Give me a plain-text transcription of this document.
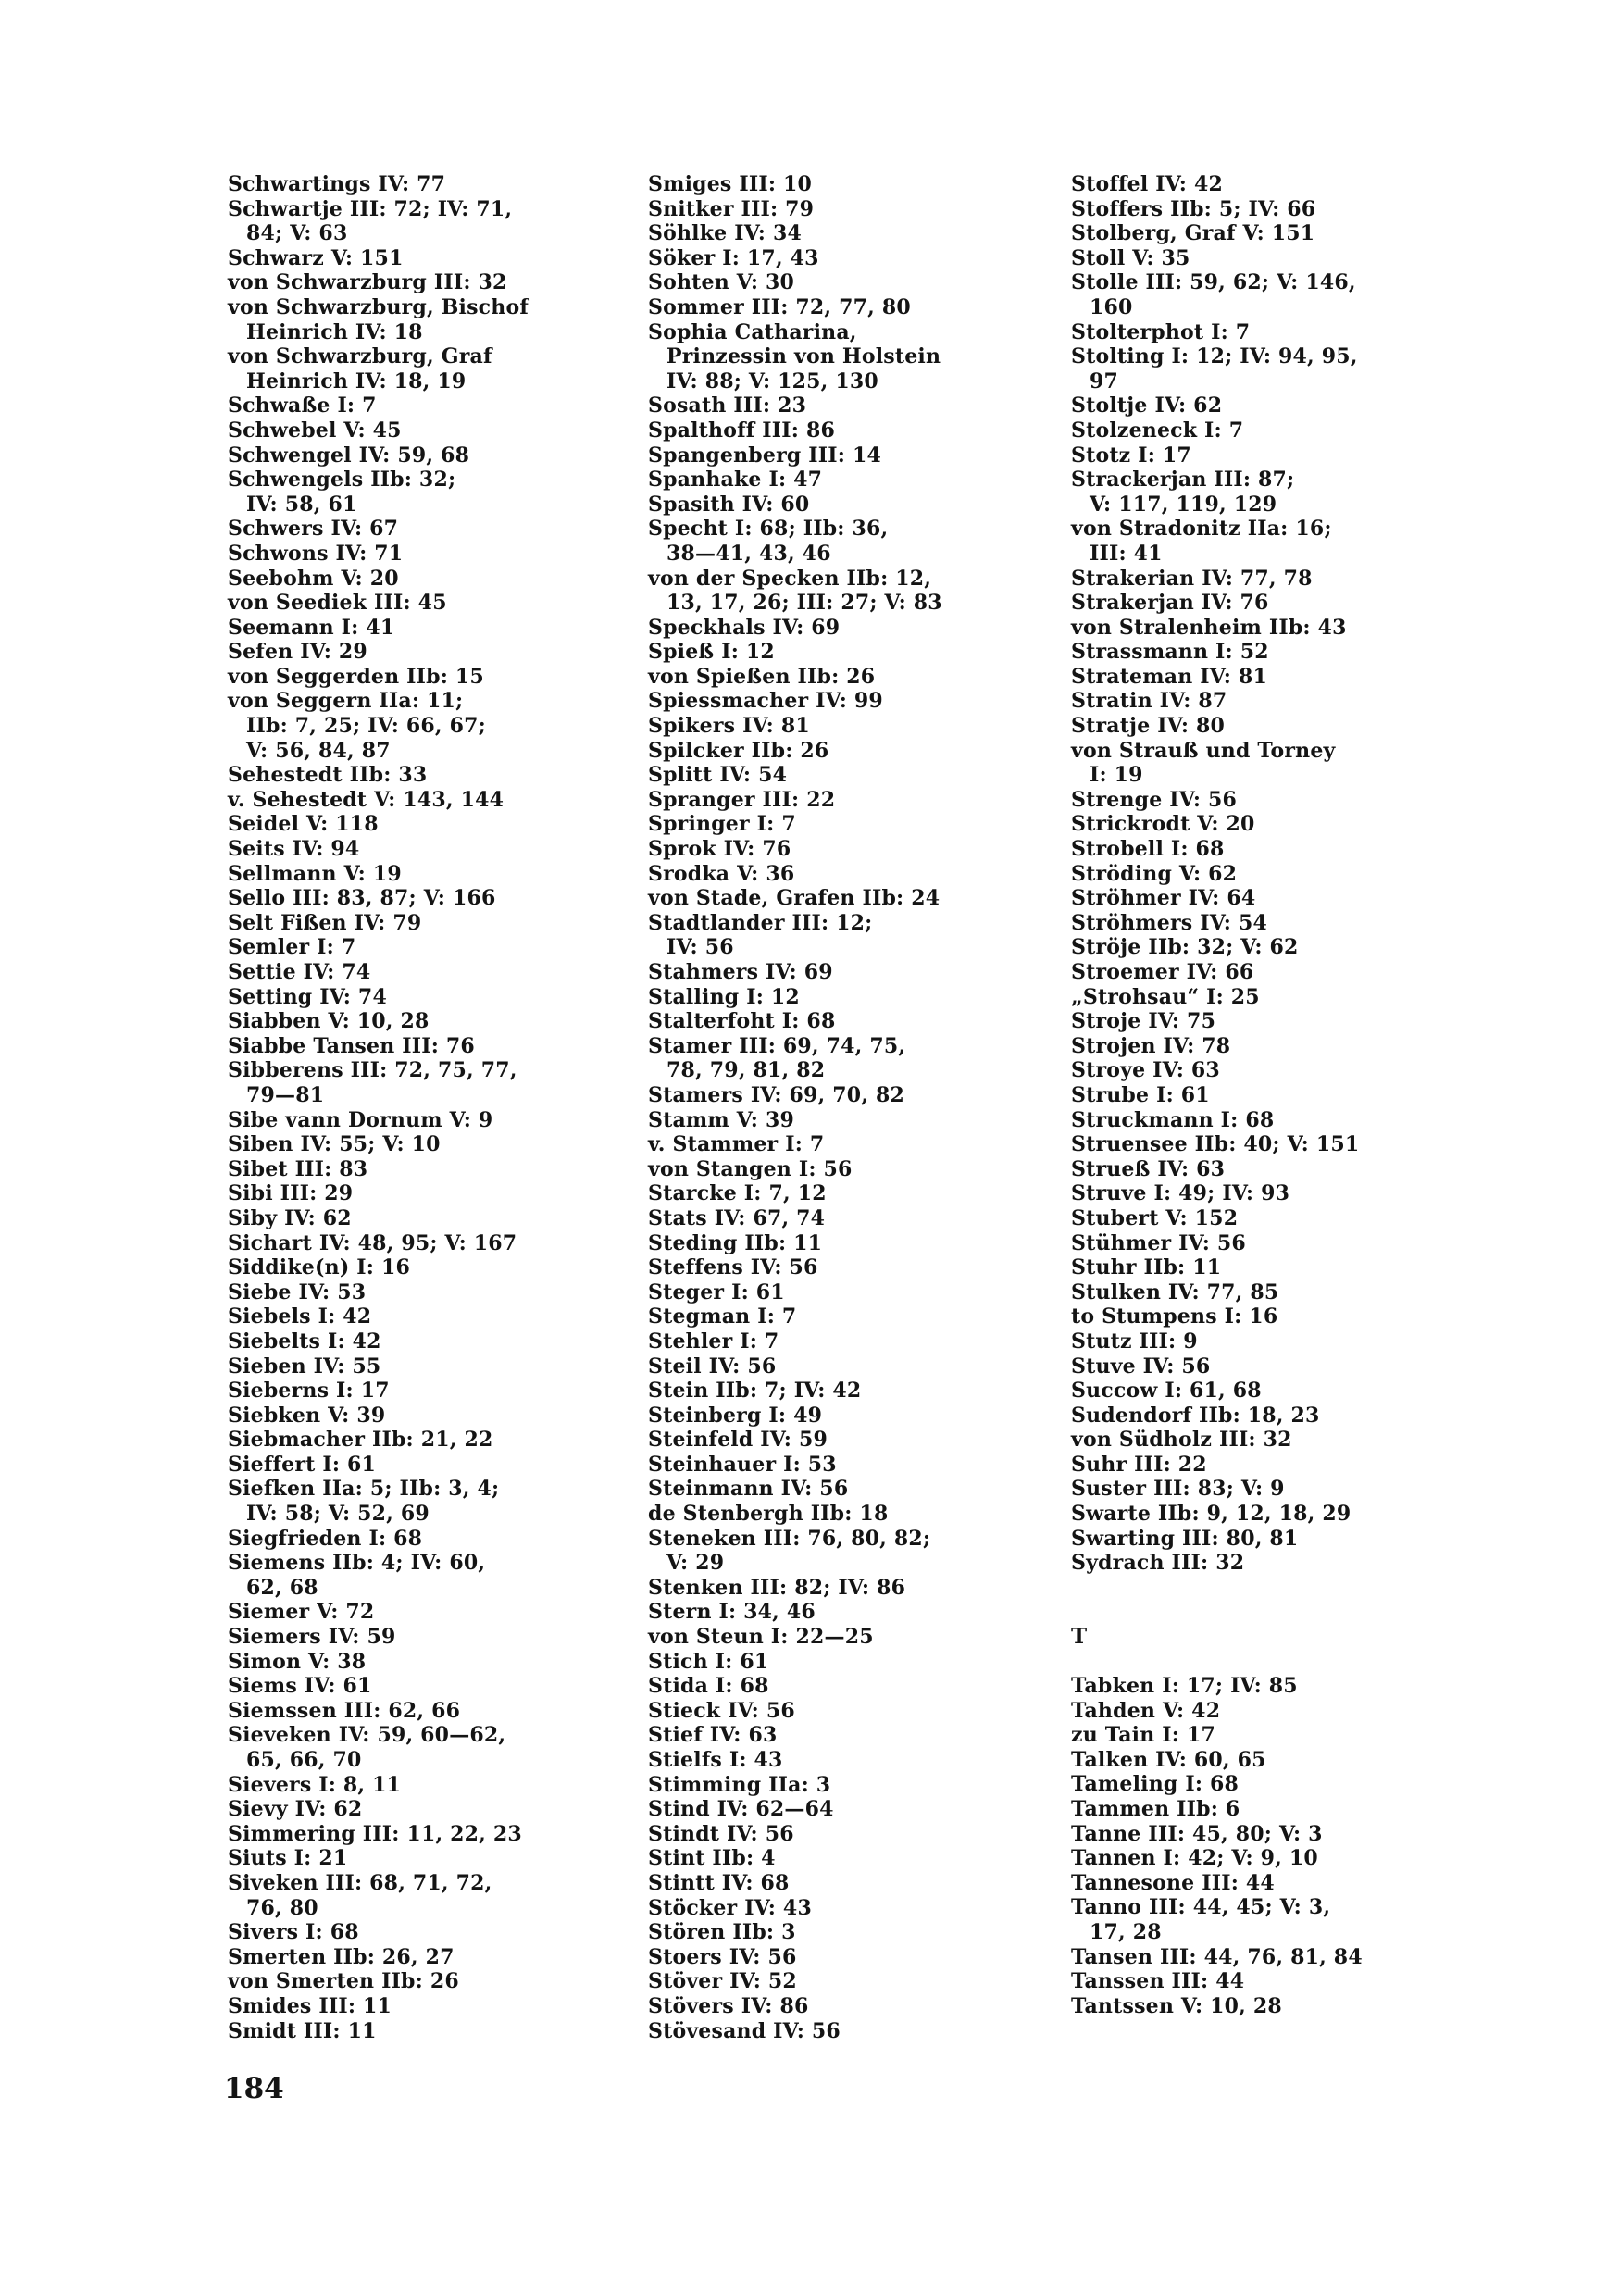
Schwartings IV: 77
Schwartje III: 72; IV: 71,
84; V: 63
Schwarz V: 151
von Schwarzburg III: 32
von Schwarzburg, Bischof
Heinrich IV: 18
von Schwarzburg, Graf
Heinrich IV: 18, 19
Schwaße I: 7
Schwebel V: 45
Schwengel IV: 59, 68
Schwengels IIb: 32;
IV: 58, 61
Schwers IV: 67
Schwons IV: 71
Seebohm V: 20
von Seediek III: 45
Seemann I: 41
Sefen IV: 29
von Seggerden IIb: 15
von Seggern IIa: 11;
IIb: 7, 25; IV: 66, 67;
V: 56, 84, 87
Sehestedt IIb: 33
v. Sehestedt V: 143, 144
Seidel V: 118
Seits IV: 94
Sellmann V: 19
Sello III: 83, 87; V: 166
Selt Fißen IV: 79
Semler I: 7
Settie IV: 74
Setting IV: 74
Siabben V: 10, 28
Siabbe Tansen III: 76
Sibberens III: 72, 75, 77,
79—81
Sibe vann Dornum V: 9
Siben IV: 55; V: 10
Sibet III: 83
Sibi III: 29
Siby IV: 62
Sichart IV: 48, 95; V: 167
Siddike(n) I: 16
Siebe IV: 53
Siebels I: 42
Siebelts I: 42
Sieben IV: 55
Sieberns I: 17
Siebken V: 39
Siebmacher IIb: 21, 22
Sieffert I: 61
Siefken IIa: 5; IIb: 3, 4;
IV: 58; V: 52, 69
Siegfrieden I: 68
Siemens IIb: 4; IV: 60,
62, 68
Siemer V: 72
Siemers IV: 59
Simon V: 38
Siems IV: 61
Siemssen III: 62, 66
Sieveken IV: 59, 60—62,
65, 66, 70
Sievers I: 8, 11
Sievy IV: 62
Simmering III: 11, 22, 23
Siuts I: 21
Siveken III: 68, 71, 72,
76, 80
Sivers I: 68
Smerten IIb: 26, 27
von Smerten IIb: 26
Smides III: 11
Smidt III: 11
Smiges III: 10
Snitker III: 79
Söhlke IV: 34
Söker I: 17, 43
Sohten V: 30
Sommer III: 72, 77, 80
Sophia Catharina,
Prinzessin von Holstein
IV: 88; V: 125, 130
Sosath III: 23
Spalthoff III: 86
Spangenberg III: 14
Spanhake I: 47
Spasith IV: 60
Specht I: 68; IIb: 36,
38—41, 43, 46
von der Specken IIb: 12,
13, 17, 26; III: 27; V: 83
Speckhals IV: 69
Spieß I: 12
von Spießen IIb: 26
Spiessmacher IV: 99
Spikers IV: 81
Spilcker IIb: 26
Splitt IV: 54
Spranger III: 22
Springer I: 7
Sprok IV: 76
Srodka V: 36
von Stade, Grafen IIb: 24
Stadtlander III: 12;
IV: 56
Stahmers IV: 69
Stalling I: 12
Stalterfoht I: 68
Stamer III: 69, 74, 75,
78, 79, 81, 82
Stamers IV: 69, 70, 82
Stamm V: 39
v. Stammer I: 7
von Stangen I: 56
Starcke I: 7, 12
Stats IV: 67, 74
Steding IIb: 11
Steffens IV: 56
Steger I: 61
Stegman I: 7
Stehler I: 7
Steil IV: 56
Stein IIb: 7; IV: 42
Steinberg I: 49
Steinfeld IV: 59
Steinhauer I: 53
Steinmann IV: 56
de Stenbergh IIb: 18
Steneken III: 76, 80, 82;
V: 29
Stenken III: 82; IV: 86
Stern I: 34, 46
von Steun I: 22—25
Stich I: 61
Stida I: 68
Stieck IV: 56
Stief IV: 63
Stielfs I: 43
Stimming IIa: 3
Stind IV: 62—64
Stindt IV: 56
Stint IIb: 4
Stintt IV: 68
Stöcker IV: 43
Stören IIb: 3
Stoers IV: 56
Stöver IV: 52
Stövers IV: 86
Stövesand IV: 56
Stoffel IV: 42
Stoffers IIb: 5; IV: 66
Stolberg, Graf V: 151
Stoll V: 35
Stolle III: 59, 62; V: 146,
160
Stolterphot I: 7
Stolting I: 12; IV: 94, 95,
97
Stoltje IV: 62
Stolzeneck I: 7
Stotz I: 17
Strackerjan III: 87;
V: 117, 119, 129
von Stradonitz IIa: 16;
III: 41
Strakerian IV: 77, 78
Strakerjan IV: 76
von Stralenheim IIb: 43
Strassmann I: 52
Strateman IV: 81
Stratin IV: 87
Stratje IV: 80
von Strauß und Torney
I: 19
Strenge IV: 56
Strickrodt V: 20
Strobell I: 68
Ströding V: 62
Ströhmer IV: 64
Ströhmers IV: 54
Ströje IIb: 32; V: 62
Stroemer IV: 66
„Strohsau“ I: 25
Stroje IV: 75
Strojen IV: 78
Stroye IV: 63
Strube I: 61
Struckmann I: 68
Struensee IIb: 40; V: 151
Strueß IV: 63
Struve I: 49; IV: 93
Stubert V: 152
Stühmer IV: 56
Stuhr IIb: 11
Stulken IV: 77, 85
to Stumpens I: 16
Stutz III: 9
Stuve IV: 56
Succow I: 61, 68
Sudendorf IIb: 18, 23
von Südholz III: 32
Suhr III: 22
Suster III: 83; V: 9
Swarte IIb: 9, 12, 18, 29
Swarting III: 80, 81
Sydrach III: 32
T
Tabken I: 17; IV: 85
Tahden V: 42
zu Tain I: 17
Talken IV: 60, 65
Tameling I: 68
Tammen IIb: 6
Tanne III: 45, 80; V: 3
Tannen I: 42; V: 9, 10
Tannesone III: 44
Tanno III: 44, 45; V: 3,
17, 28
Tansen III: 44, 76, 81, 84
Tanssen III: 44
Tantssen V: 10, 28
184
